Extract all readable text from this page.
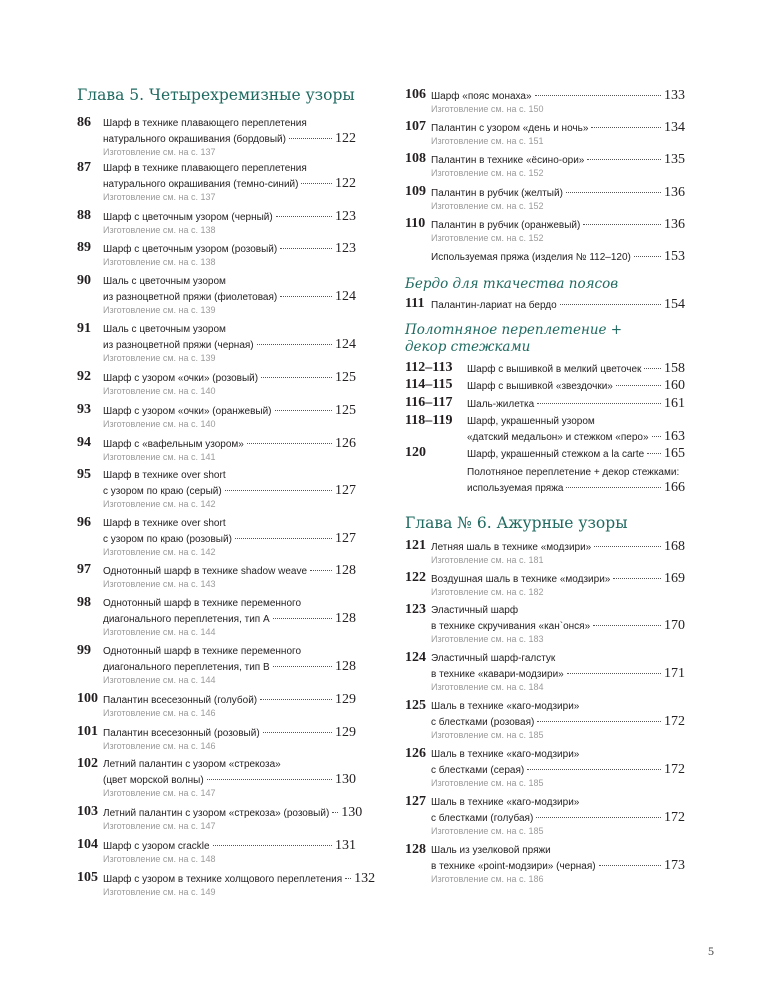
Глава 5. Четырехремизные узоры
86 Шарф в технике плавающего переплетения
натурального окрашивания (бордовый)	122
Изготовление см. на с. 137
87 Шарф в технике плавающего переплетения
натурального окрашивания (темно-синий)	122
Изготовление см. на с. 137
88 Шарф с цветочным узором (черный)	123
Изготовление см. на с. 138
89 Шарф с цветочным узором (розовый)	123
Изготовление см. на с. 138
90 Шаль с цветочным узором
из разноцветной пряжи (фиолетовая)	124
Изготовление см. на с. 139
91 Шаль с цветочным узором
из разноцветной пряжи (черная)	124
Изготовление см. на с. 139
92 Шарф с узором «очки» (розовый)	125
Изготовление см. на с. 140
93 Шарф с узором «очки» (оранжевый)	125
Изготовление см. на с. 140
94 Шарф с «вафельным узором»	126
Изготовление см. на с. 141
95 Шарф в технике over short
с узором по краю (серый)	127
Изготовление см. на с. 142
96 Шарф в технике over short
с узором по краю (розовый)	127
Изготовление см. на с. 142
97 Однотонный шарф в технике shadow weave 128
Изготовление см. на с. 143
98 Однотонный шарф в технике переменного
диагонального переплетения, тип A	128
Изготовление см. на с. 144
99 Однотонный шарф в технике переменного
диагонального переплетения, тип B	128
Изготовление см. на с. 144
100 Палантин всесезонный (голубой)	129
Изготовление см. на с. 146
101 Палантин всесезонный (розовый)	129
Изготовление см. на с. 146
102 Летний палантин с узором «стрекоза»
(цвет морской волны)	130
Изготовление см. на с. 147
103 Летний палантин с узором «стрекоза» (розовый) 130
Изготовление см. на с. 147
104 Шарф с узором crackle	131
Изготовление см. на с. 148
105 Шарф с узором в технике холщового переплетения 132
Изготовление см. на с. 149
106 Шарф «пояс монаха»	133
Изготовление см. на с. 150
107 Палантин с узором «день и ночь»	134
Изготовление см. на с. 151
108 Палантин в технике «ёсино-ори»	135
Изготовление см. на с. 152
109 Палантин в рубчик (желтый)	136
Изготовление см. на с. 152
110 Палантин в рубчик (оранжевый)	136
Изготовление см. на с. 152
Используемая пряжа (изделия № 112–120) 153
Бердо для ткачества поясов
111 Палантин-лариат на бердо	154
Полотняное переплетение + декор стежками
112–113 Шарф с вышивкой в мелкий цветочек 158
114–115 Шарф с вышивкой «звездочки»	160
116–117 Шаль-жилетка	161
118–119 Шарф, украшенный узором
«датский медальон» и стежком «перо» 163
120	Шарф, украшенный стежком a la carte 165
Полотняное переплетение + декор стежками:
используемая пряжа	166
Глава № 6. Ажурные узоры
121 Летняя шаль в технике «модзири»	168
Изготовление см. на с. 181
122 Воздушная шаль в технике «модзири»	169
Изготовление см. на с. 182
123 Эластичный шарф
в технике скручивания «кан`онся»	170
Изготовление см. на с. 183
124 Эластичный шарф-галстук
в технике «кавари-модзири»	171
Изготовление см. на с. 184
125 Шаль в технике «каго-модзири»
с блестками (розовая)	172
Изготовление см. на с. 185
126 Шаль в технике «каго-модзири»
с блестками (серая)	172
Изготовление см. на с. 185
127 Шаль в технике «каго-модзири»
с блестками (голубая)	172
Изготовление см. на с. 185
128 Шаль из узелковой пряжи
в технике «point-модзири» (черная)	173
Изготовление см. на с. 186
5
